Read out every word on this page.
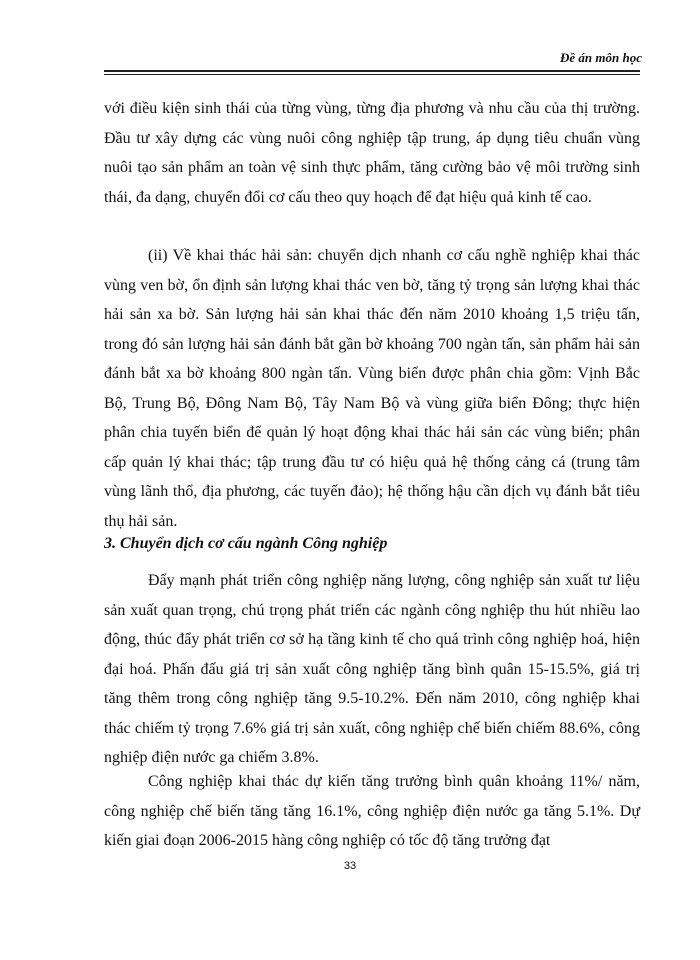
Đề án môn học

với điều kiện sinh thái của từng vùng, từng địa phương và nhu cầu của thị trường. Đầu tư xây dựng các vùng nuôi công nghiệp tập trung, áp dụng tiêu chuẩn vùng nuôi tạo sản phẩm an toàn vệ sinh thực phẩm, tăng cường bảo vệ môi trường sinh thái, đa dạng, chuyển đổi cơ cấu theo quy hoạch để đạt hiệu quả kinh tế cao.

(ii) Về khai thác hải sản: chuyển dịch nhanh cơ cấu nghề nghiệp khai thác vùng ven bờ, ổn định sản lượng khai thác ven bờ, tăng tỷ trọng sản lượng khai thác hải sản xa bờ. Sản lượng hải sản khai thác đến năm 2010 khoảng 1,5 triệu tấn, trong đó sản lượng hải sản đánh bắt gần bờ khoảng 700 ngàn tấn, sản phẩm hải sản đánh bắt xa bờ khoảng 800 ngàn tấn. Vùng biển được phân chia gồm: Vịnh Bắc Bộ, Trung Bộ, Đông Nam Bộ, Tây Nam Bộ và vùng giữa biển Đông; thực hiện phân chia tuyến biển để quản lý hoạt động khai thác hải sản các vùng biển; phân cấp quản lý khai thác; tập trung đầu tư có hiệu quả hệ thống cảng cá (trung tâm vùng lãnh thổ, địa phương, các tuyến đảo); hệ thống hậu cần dịch vụ đánh bắt tiêu thụ hải sản.

3. Chuyển dịch cơ cấu ngành Công nghiệp

Đẩy mạnh phát triển công nghiệp năng lượng, công nghiệp sản xuất tư liệu sản xuất quan trọng, chú trọng phát triển các ngành công nghiệp thu hút nhiều lao động, thúc đẩy phát triển cơ sở hạ tầng kinh tế cho quá trình công nghiệp hoá, hiện đại hoá. Phấn đấu giá trị sản xuất công nghiệp tăng bình quân 15-15.5%, giá trị tăng thêm trong công nghiệp tăng 9.5-10.2%. Đến năm 2010, công nghiệp khai thác chiếm tỷ trọng 7.6% giá trị sản xuất, công nghiệp chế biến chiếm 88.6%, công nghiệp điện nước ga chiếm 3.8%.

Công nghiệp khai thác dự kiến tăng trưởng bình quân khoảng 11%/ năm, công nghiệp chế biến tăng tăng 16.1%, công nghiệp điện nước ga tăng 5.1%. Dự kiến giai đoạn 2006-2015 hàng công nghiệp có tốc độ tăng trưởng đạt

33
